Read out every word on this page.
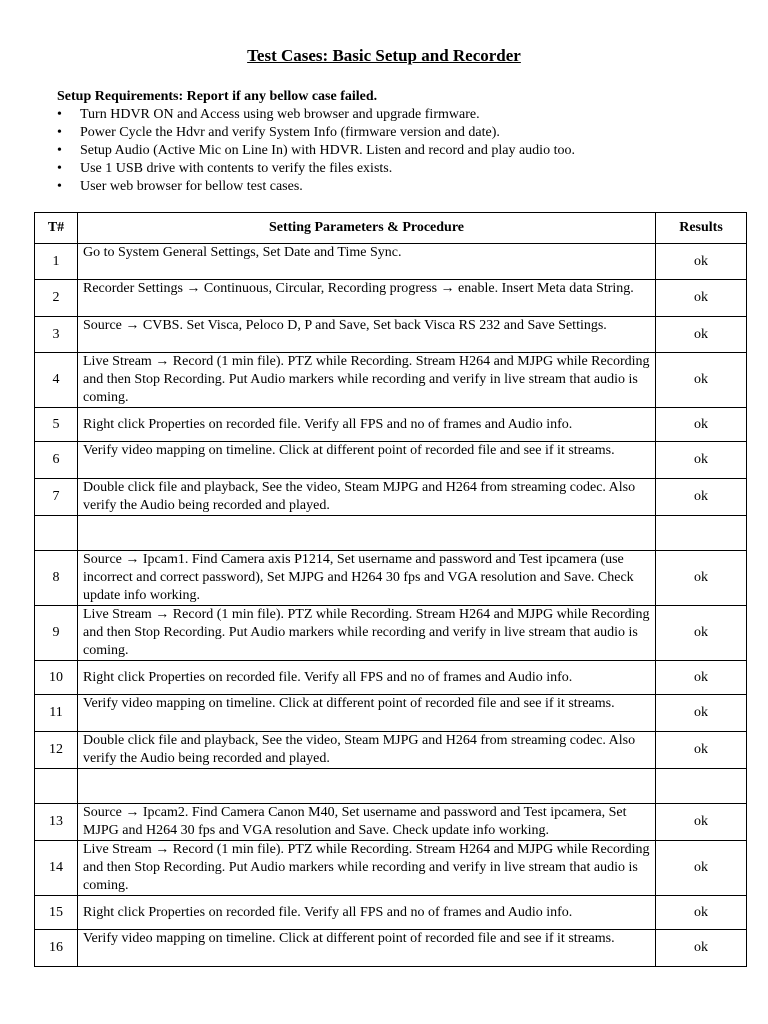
Test Cases: Basic Setup and Recorder
Setup Requirements: Report if any bellow case failed.
• Turn HDVR ON and Access using web browser and upgrade firmware.
• Power Cycle the Hdvr and verify System Info (firmware version and date).
• Setup Audio (Active Mic on Line In) with HDVR. Listen and record and play audio too.
• Use 1 USB drive with contents to verify the files exists.
• User web browser for bellow test cases.
T#	Setting Parameters & Procedure	Results
1	Go to System General Settings, Set Date and Time Sync.	ok
2	Recorder Settings → Continuous, Circular, Recording progress → enable. Insert Meta data String.	ok
3	Source → CVBS. Set Visca, Peloco D, P and Save, Set back Visca RS 232 and Save Settings.	ok
4	Live Stream → Record (1 min file). PTZ while Recording. Stream H264 and MJPG while Recording and then Stop Recording. Put Audio markers while recording and verify in live stream that audio is coming.	ok
5	Right click Properties on recorded file. Verify all FPS and no of frames and Audio info.	ok
6	Verify video mapping on timeline. Click at different point of recorded file and see if it streams.	ok
7	Double click file and playback, See the video, Steam MJPG and H264 from streaming codec. Also verify the Audio being recorded and played.	ok

8	Source → Ipcam1. Find Camera axis P1214, Set username and password and Test ipcamera (use incorrect and correct password), Set MJPG and H264 30 fps and VGA resolution and Save. Check update info working.	ok
9	Live Stream → Record (1 min file). PTZ while Recording. Stream H264 and MJPG while Recording and then Stop Recording. Put Audio markers while recording and verify in live stream that audio is coming.	ok
10	Right click Properties on recorded file. Verify all FPS and no of frames and Audio info.	ok
11	Verify video mapping on timeline. Click at different point of recorded file and see if it streams.	ok
12	Double click file and playback, See the video, Steam MJPG and H264 from streaming codec. Also verify the Audio being recorded and played.	ok

13	Source → Ipcam2. Find Camera Canon M40, Set username and password and Test ipcamera, Set MJPG and H264 30 fps and VGA resolution and Save. Check update info working.	ok
14	Live Stream → Record (1 min file). PTZ while Recording. Stream H264 and MJPG while Recording and then Stop Recording. Put Audio markers while recording and verify in live stream that audio is coming.	ok
15	Right click Properties on recorded file. Verify all FPS and no of frames and Audio info.	ok
16	Verify video mapping on timeline. Click at different point of recorded file and see if it streams.	ok
